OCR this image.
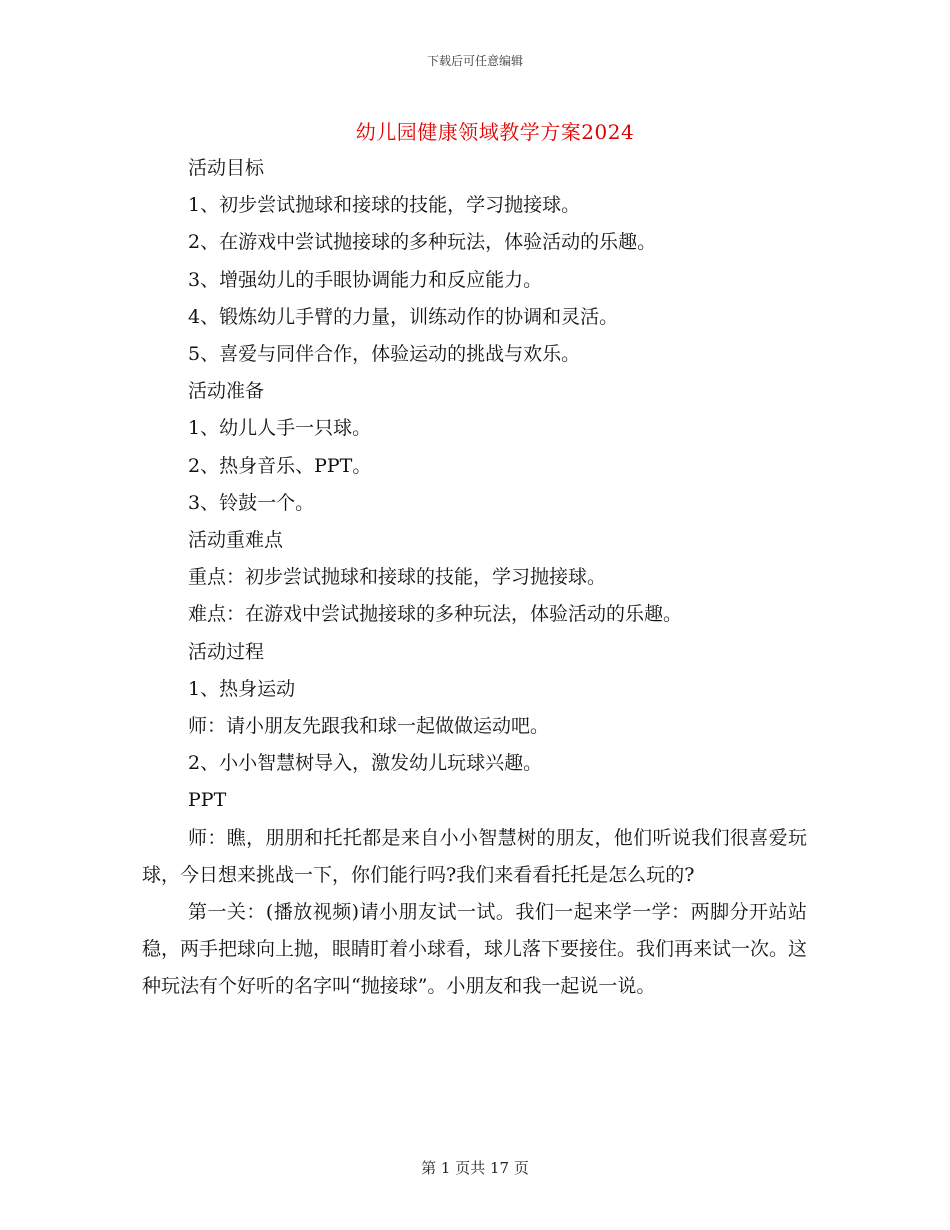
下载后可任意编辑
幼儿园健康领域教学方案2024

活动目标

1、初步尝试抛球和接球的技能，学习抛接球。

2、在游戏中尝试抛接球的多种玩法，体验活动的乐趣。

3、增强幼儿的手眼协调能力和反应能力。

4、锻炼幼儿手臂的力量，训练动作的协调和灵活。

5、喜爱与同伴合作，体验运动的挑战与欢乐。

活动准备

1、幼儿人手一只球。

2、热身音乐、PPT。

3、铃鼓一个。

活动重难点

重点：初步尝试抛球和接球的技能，学习抛接球。

难点：在游戏中尝试抛接球的多种玩法，体验活动的乐趣。

活动过程

1、热身运动

师：请小朋友先跟我和球一起做做运动吧。

2、小小智慧树导入，激发幼儿玩球兴趣。

PPT

师：瞧，朋朋和托托都是来自小小智慧树的朋友，他们听说我们很喜爱玩球，今日想来挑战一下，你们能行吗?我们来看看托托是怎么玩的?

第一关：(播放视频)请小朋友试一试。我们一起来学一学：两脚分开站站稳，两手把球向上抛，眼睛盯着小球看，球儿落下要接住。我们再来试一次。这种玩法有个好听的名字叫“抛接球”。小朋友和我一起说一说。

第 1 页共 17 页
